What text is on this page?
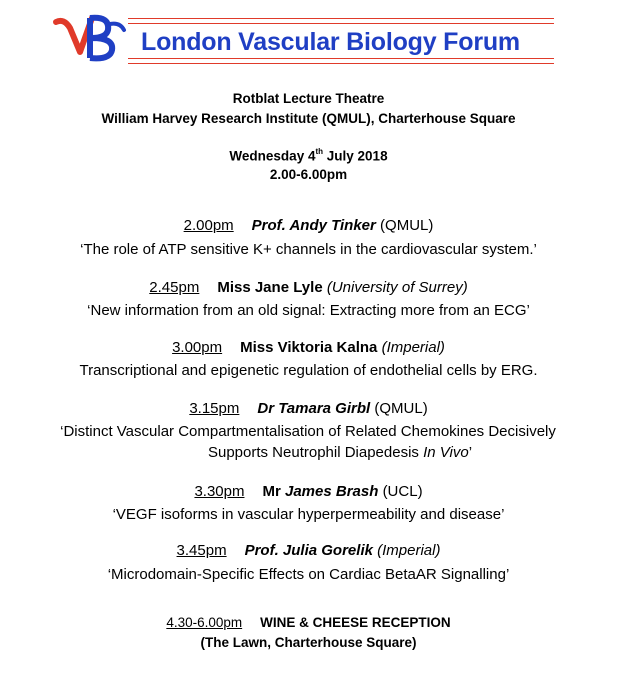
London Vascular Biology Forum
Rotblat Lecture Theatre
William Harvey Research Institute (QMUL), Charterhouse Square
Wednesday 4th July 2018
2.00-6.00pm
2.00pm Prof. Andy Tinker (QMUL)
‘The role of ATP sensitive K+ channels in the cardiovascular system.’
2.45pm Miss Jane Lyle (University of Surrey)
‘New information from an old signal: Extracting more from an ECG’
3.00pm Miss Viktoria Kalna (Imperial)
Transcriptional and epigenetic regulation of endothelial cells by ERG.
3.15pm Dr Tamara Girbl (QMUL)
‘Distinct Vascular Compartmentalisation of Related Chemokines Decisively
Supports Neutrophil Diapedesis In Vivo’
3.30pm Mr James Brash (UCL)
‘VEGF isoforms in vascular hyperpermeability and disease’
3.45pm Prof. Julia Gorelik (Imperial)
‘Microdomain-Specific Effects on Cardiac BetaAR Signalling’
4.30-6.00pm WINE & CHEESE RECEPTION
(The Lawn, Charterhouse Square)
